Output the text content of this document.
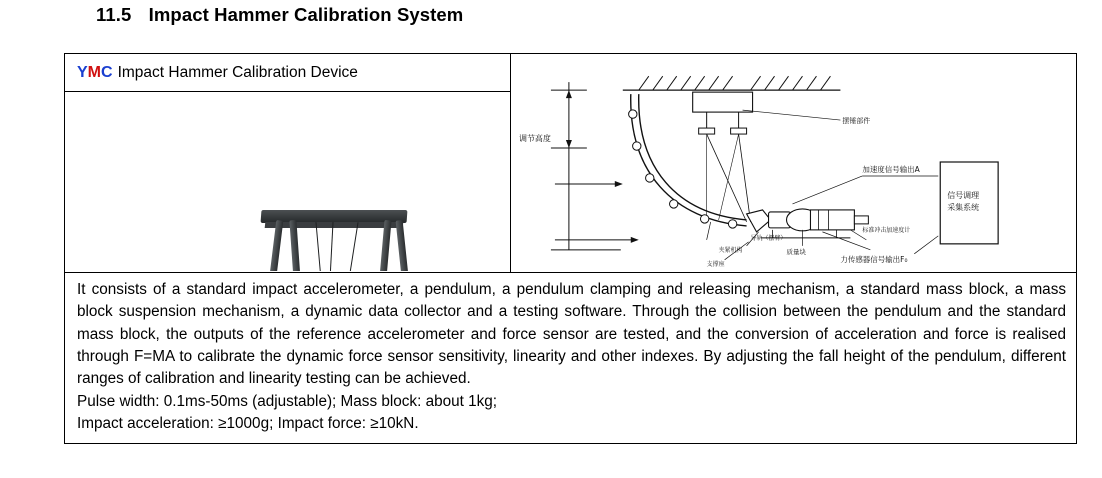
11.5 Impact Hammer Calibration System
YMC Impact Hammer Calibration Device
调节高度
信号调理
采集系统
摆锤部件
加速度信号输出A
力传感器信号输出F₀
质量块
标准冲击加速度计
夹紧机构
导轨（摆臂）
支撑座

It consists of a standard impact accelerometer, a pendulum, a pendulum clamping and releasing mechanism, a standard mass block, a mass block suspension mechanism, a dynamic data collector and a testing software. Through the collision between the pendulum and the standard mass block, the outputs of the reference accelerometer and force sensor are tested, and the conversion of acceleration and force is realised through F=MA to calibrate the dynamic force sensor sensitivity, linearity and other indexes. By adjusting the fall height of the pendulum, different ranges of calibration and linearity testing can be achieved.

Pulse width: 0.1ms-50ms (adjustable); Mass block: about 1kg;

Impact acceleration: ≥1000g; Impact force: ≥10kN.
